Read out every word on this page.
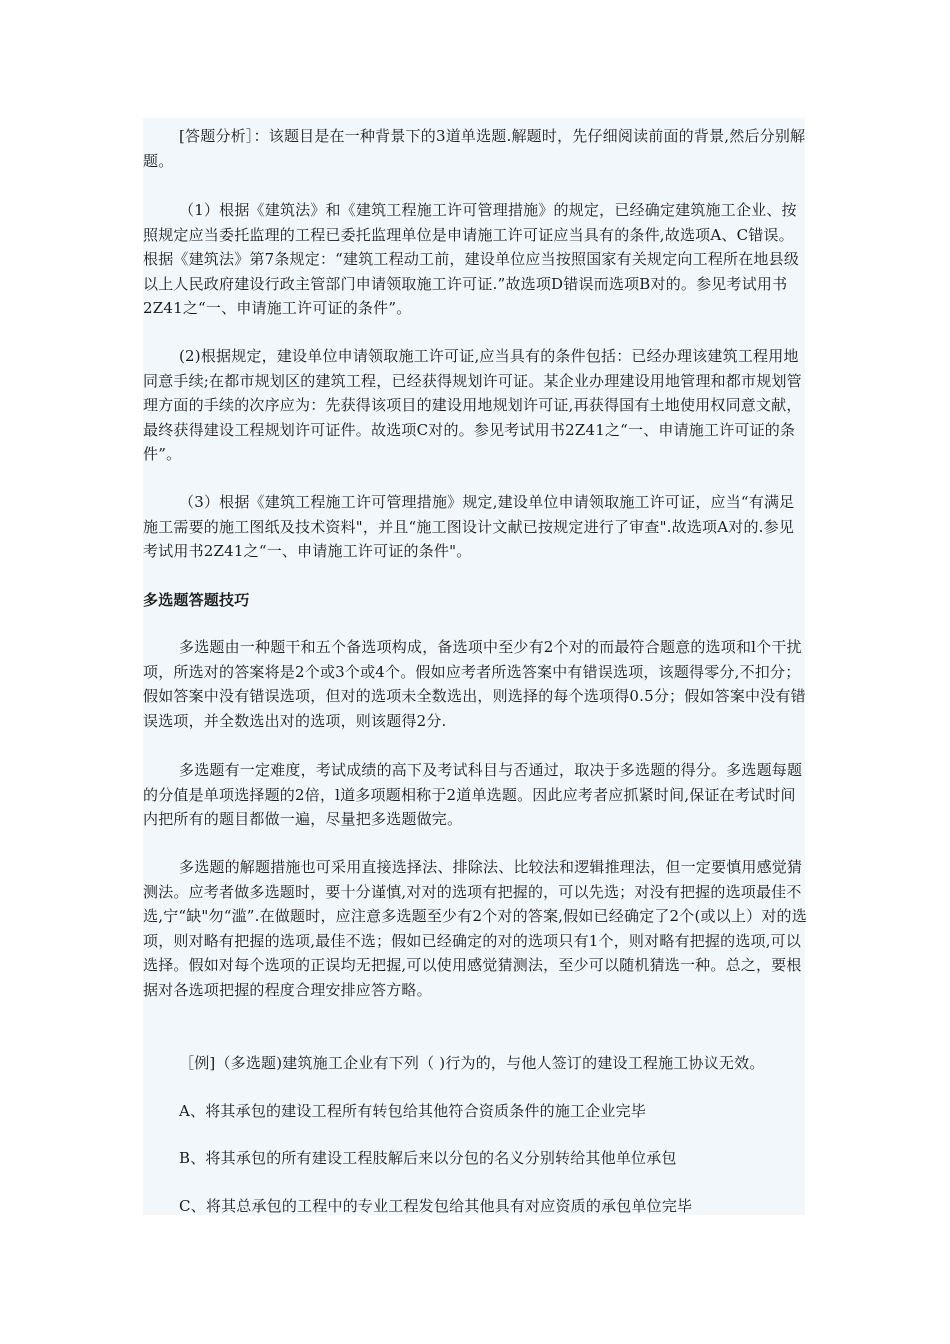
[答题分析］：该题目是在一种背景下的3道单选题.解题时，先仔细阅读前面的背景,然后分别解题。

（1）根据《建筑法》和《建筑工程施工许可管理措施》的规定，已经确定建筑施工企业、按照规定应当委托监理的工程已委托监理单位是申请施工许可证应当具有的条件,故选项A、C错误。根据《建筑法》第7条规定：“建筑工程动工前，建设单位应当按照国家有关规定向工程所在地县级以上人民政府建设行政主管部门申请领取施工许可证.”故选项D错误而选项B对的。参见考试用书2Z41之“一、申请施工许可证的条件”。

(2)根据规定，建设单位申请领取施工许可证,应当具有的条件包括：已经办理该建筑工程用地同意手续;在都市规划区的建筑工程，已经获得规划许可证。某企业办理建设用地管理和都市规划管理方面的手续的次序应为：先获得该项目的建设用地规划许可证,再获得国有土地使用权同意文献，最终获得建设工程规划许可证件。故选项C对的。参见考试用书2Z41之“一、申请施工许可证的条件”。

（3）根据《建筑工程施工许可管理措施》规定,建设单位申请领取施工许可证，应当“有满足施工需要的施工图纸及技术资料"，并且“施工图设计文献已按规定进行了审查".故选项A对的.参见考试用书2Z41之“一、申请施工许可证的条件"。

多选题答题技巧

多选题由一种题干和五个备选项构成，备选项中至少有2个对的而最符合题意的选项和l个干扰项，所选对的答案将是2个或3个或4个。假如应考者所选答案中有错误选项，该题得零分,不扣分；假如答案中没有错误选项，但对的选项未全数选出，则选择的每个选项得0.5分；假如答案中没有错误选项，并全数选出对的选项，则该题得2分.

多选题有一定难度，考试成绩的高下及考试科目与否通过，取决于多选题的得分。多选题每题的分值是单项选择题的2倍，l道多项题相称于2道单选题。因此应考者应抓紧时间,保证在考试时间内把所有的题目都做一遍，尽量把多选题做完。

多选题的解题措施也可采用直接选择法、排除法、比较法和逻辑推理法，但一定要慎用感觉猜测法。应考者做多选题时，要十分谨慎,对对的选项有把握的，可以先选；对没有把握的选项最佳不选,宁“缺"勿“滥”.在做题时，应注意多选题至少有2个对的答案,假如已经确定了2个(或以上）对的选项，则对略有把握的选项,最佳不选；假如已经确定的对的选项只有1个，则对略有把握的选项,可以选择。假如对每个选项的正误均无把握,可以使用感觉猜测法，至少可以随机猜选一种。总之，要根据对各选项把握的程度合理安排应答方略。

［例]（多选题)建筑施工企业有下列（ )行为的，与他人签订的建设工程施工协议无效。

A、将其承包的建设工程所有转包给其他符合资质条件的施工企业完毕

B、将其承包的所有建设工程肢解后来以分包的名义分别转给其他单位承包

C、将其总承包的工程中的专业工程发包给其他具有对应资质的承包单位完毕
